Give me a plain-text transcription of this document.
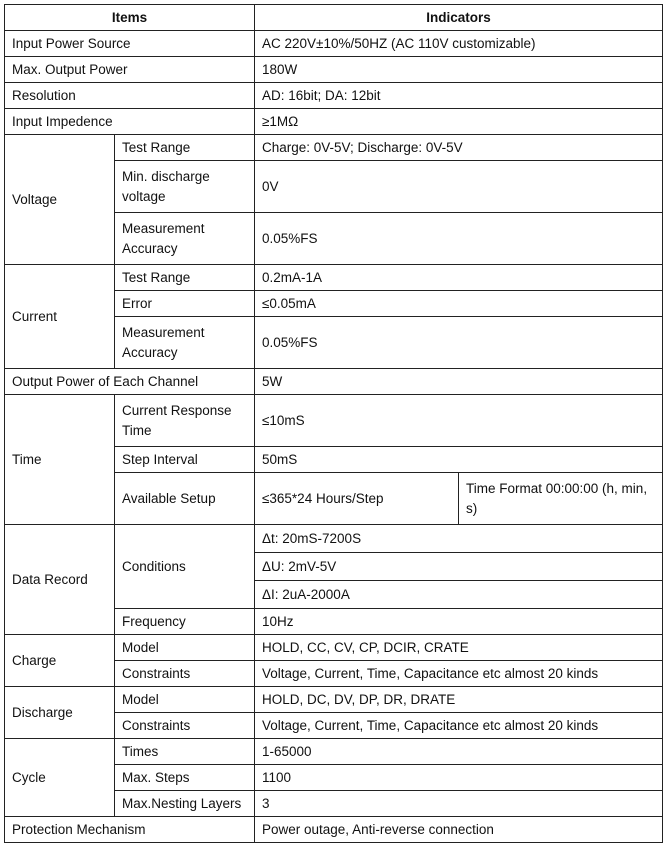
Items		Indicators	
Input Power Source		AC 220V±10%/50HZ (AC 110V customizable)	
Max. Output Power		180W	
Resolution		AD: 16bit; DA: 12bit	
Input Impedence		≥1MΩ	
Voltage	Test Range	Charge: 0V-5V; Discharge: 0V-5V	
	Min. discharge voltage	0V	
	Measurement Accuracy	0.05%FS	
Current	Test Range	0.2mA-1A	
	Error	≤0.05mA	
	Measurement Accuracy	0.05%FS	
Output Power of Each Channel		5W	
Time	Current Response Time	≤10mS	
	Step Interval	50mS	
	Available Setup	≤365*24 Hours/Step	Time Format 00:00:00 (h, min, s)
Data Record	Conditions	Δt: 20mS-7200S	
		ΔU: 2mV-5V	
		ΔI: 2uA-2000A	
	Frequency	10Hz	
Charge	Model	HOLD, CC, CV, CP, DCIR, CRATE	
	Constraints	Voltage, Current, Time, Capacitance etc almost 20 kinds	
Discharge	Model	HOLD, DC, DV, DP, DR, DRATE	
	Constraints	Voltage, Current, Time, Capacitance etc almost 20 kinds	
Cycle	Times	1-65000	
	Max. Steps	1100	
	Max.Nesting Layers	3	
Protection Mechanism		Power outage, Anti-reverse connection	
